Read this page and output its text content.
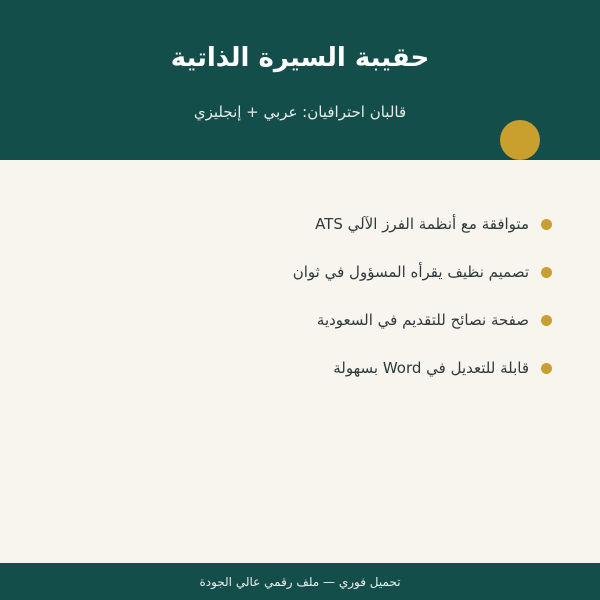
حقيبة السيرة الذاتية

قالبان احترافيان: عربي + إنجليزي

متوافقة مع أنظمة الفرز الآلي ATS
تصميم نظيف يقرأه المسؤول في ثوان
صفحة نصائح للتقديم في السعودية
قابلة للتعديل في Word بسهولة
تحميل فوري — ملف رقمي عالي الجودة
